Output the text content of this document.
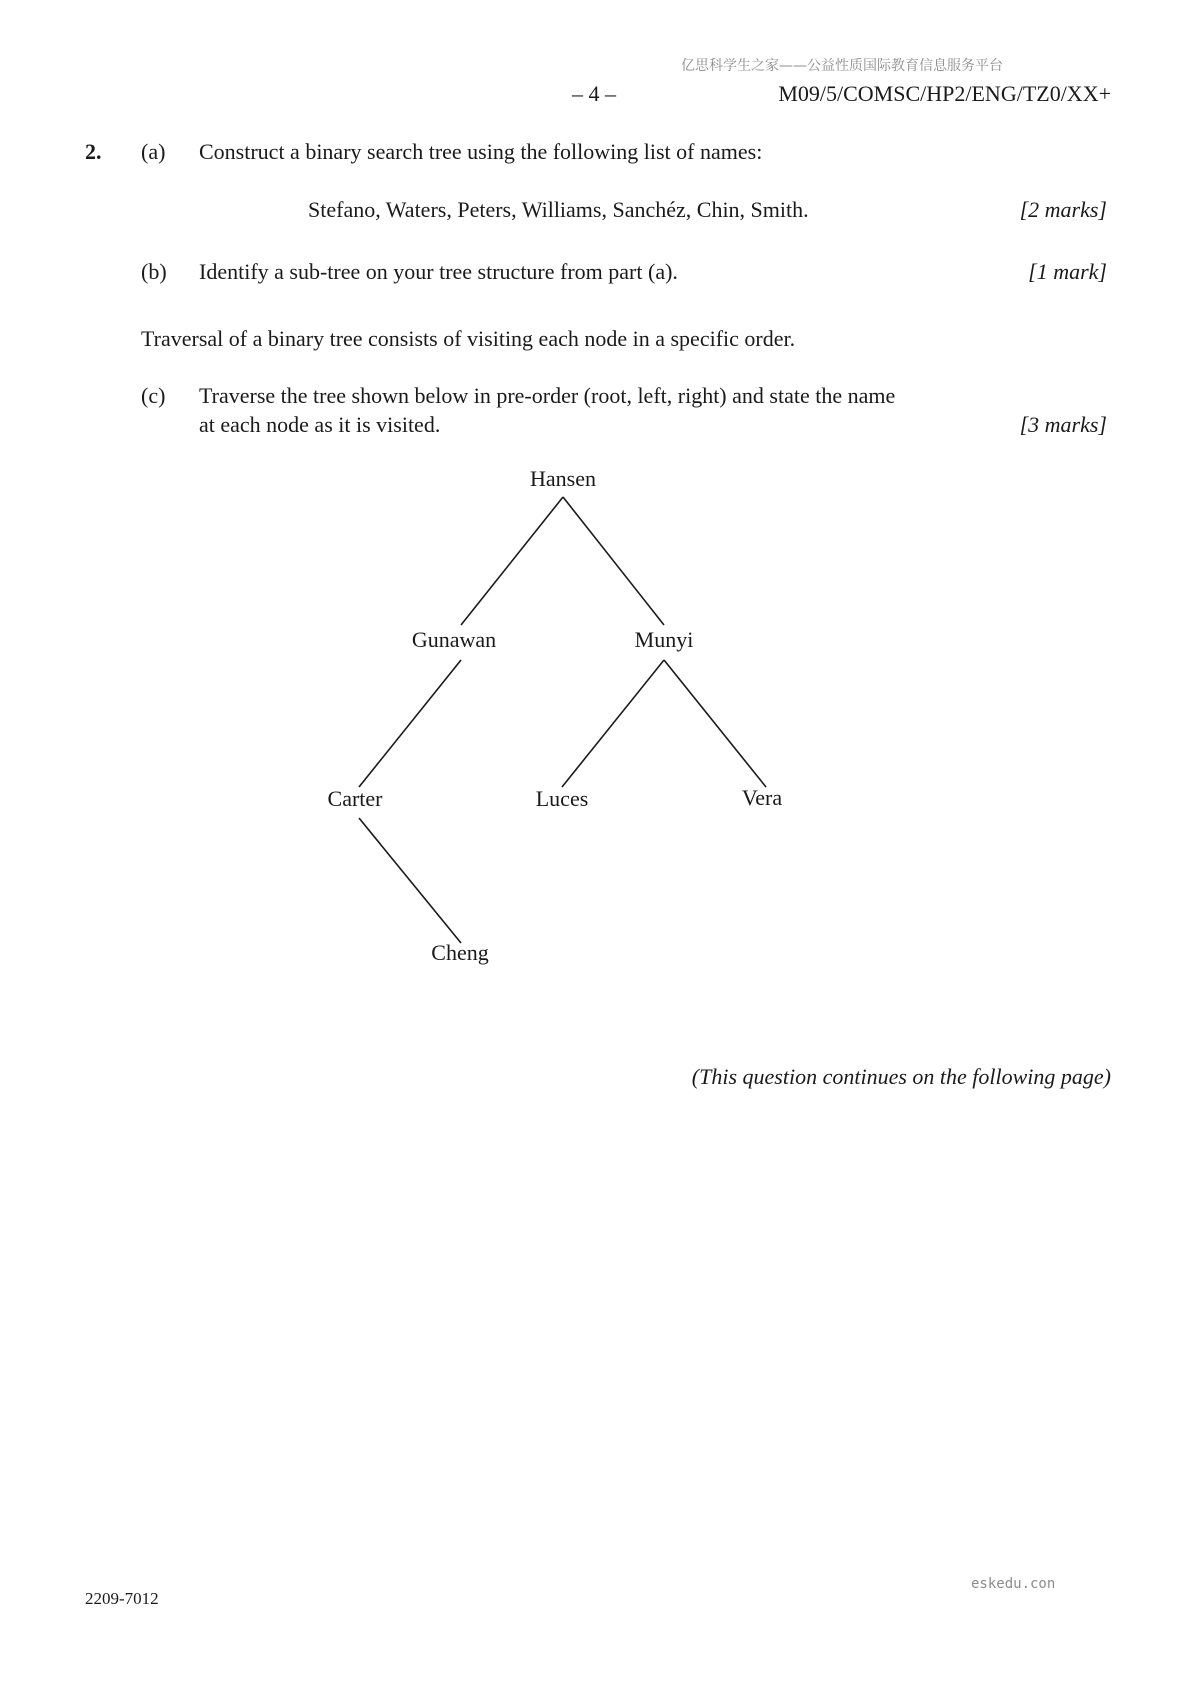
亿思科学生之家——公益性质国际教育信息服务平台
– 4 –	M09/5/COMSC/HP2/ENG/TZ0/XX+
2. (a) Construct a binary search tree using the following list of names:
Stefano, Waters, Peters, Williams, Sanchéz, Chin, Smith.	[2 marks]
(b) Identify a sub-tree on your tree structure from part (a).	[1 mark]
Traversal of a binary tree consists of visiting each node in a specific order.
(c) Traverse the tree shown below in pre-order (root, left, right) and state the name
at each node as it is visited.	[3 marks]
Hansen
Gunawan	Munyi
Carter	Luces	Vera
Cheng
(This question continues on the following page)
2209-7012
eskedu.con
